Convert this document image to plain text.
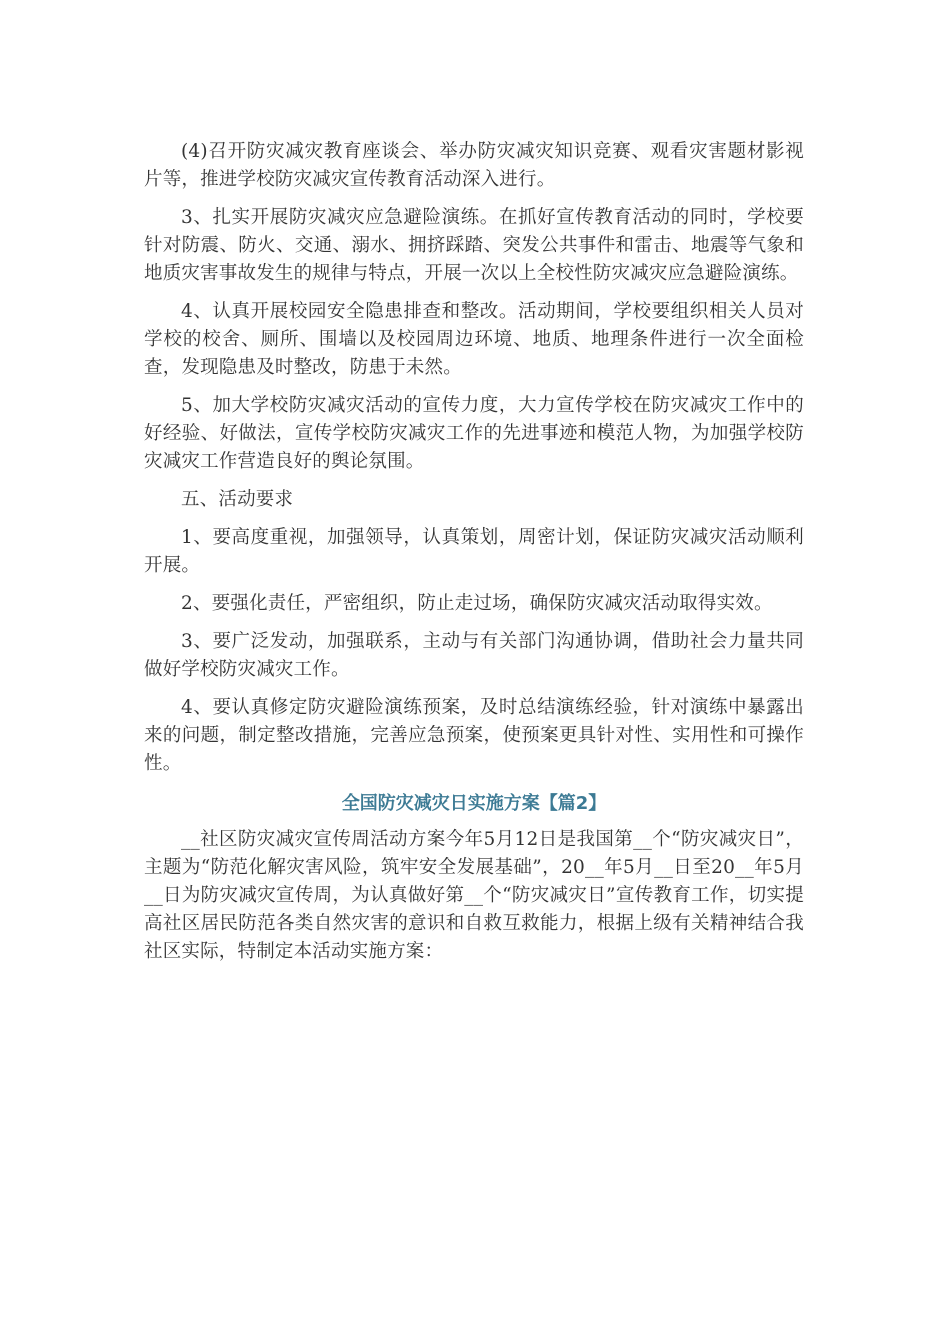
(4)召开防灾减灾教育座谈会、举办防灾减灾知识竞赛、观看灾害题材影视片等，推进学校防灾减灾宣传教育活动深入进行。

3、扎实开展防灾减灾应急避险演练。在抓好宣传教育活动的同时，学校要针对防震、防火、交通、溺水、拥挤踩踏、突发公共事件和雷击、地震等气象和地质灾害事故发生的规律与特点，开展一次以上全校性防灾减灾应急避险演练。

4、认真开展校园安全隐患排查和整改。活动期间，学校要组织相关人员对学校的校舍、厕所、围墙以及校园周边环境、地质、地理条件进行一次全面检查，发现隐患及时整改，防患于未然。

5、加大学校防灾减灾活动的宣传力度，大力宣传学校在防灾减灾工作中的好经验、好做法，宣传学校防灾减灾工作的先进事迹和模范人物，为加强学校防灾减灾工作营造良好的舆论氛围。

五、活动要求

1、要高度重视，加强领导，认真策划，周密计划，保证防灾减灾活动顺利开展。

2、要强化责任，严密组织，防止走过场，确保防灾减灾活动取得实效。

3、要广泛发动，加强联系，主动与有关部门沟通协调，借助社会力量共同做好学校防灾减灾工作。

4、要认真修定防灾避险演练预案，及时总结演练经验，针对演练中暴露出来的问题，制定整改措施，完善应急预案，使预案更具针对性、实用性和可操作性。

全国防灾减灾日实施方案【篇2】

__社区防灾减灾宣传周活动方案今年5月12日是我国第__个“防灾减灾日”，主题为“防范化解灾害风险，筑牢安全发展基础”，20__年5月__日至20__年5月__日为防灾减灾宣传周，为认真做好第__个“防灾减灾日”宣传教育工作，切实提高社区居民防范各类自然灾害的意识和自救互救能力，根据上级有关精神结合我社区实际，特制定本活动实施方案：
